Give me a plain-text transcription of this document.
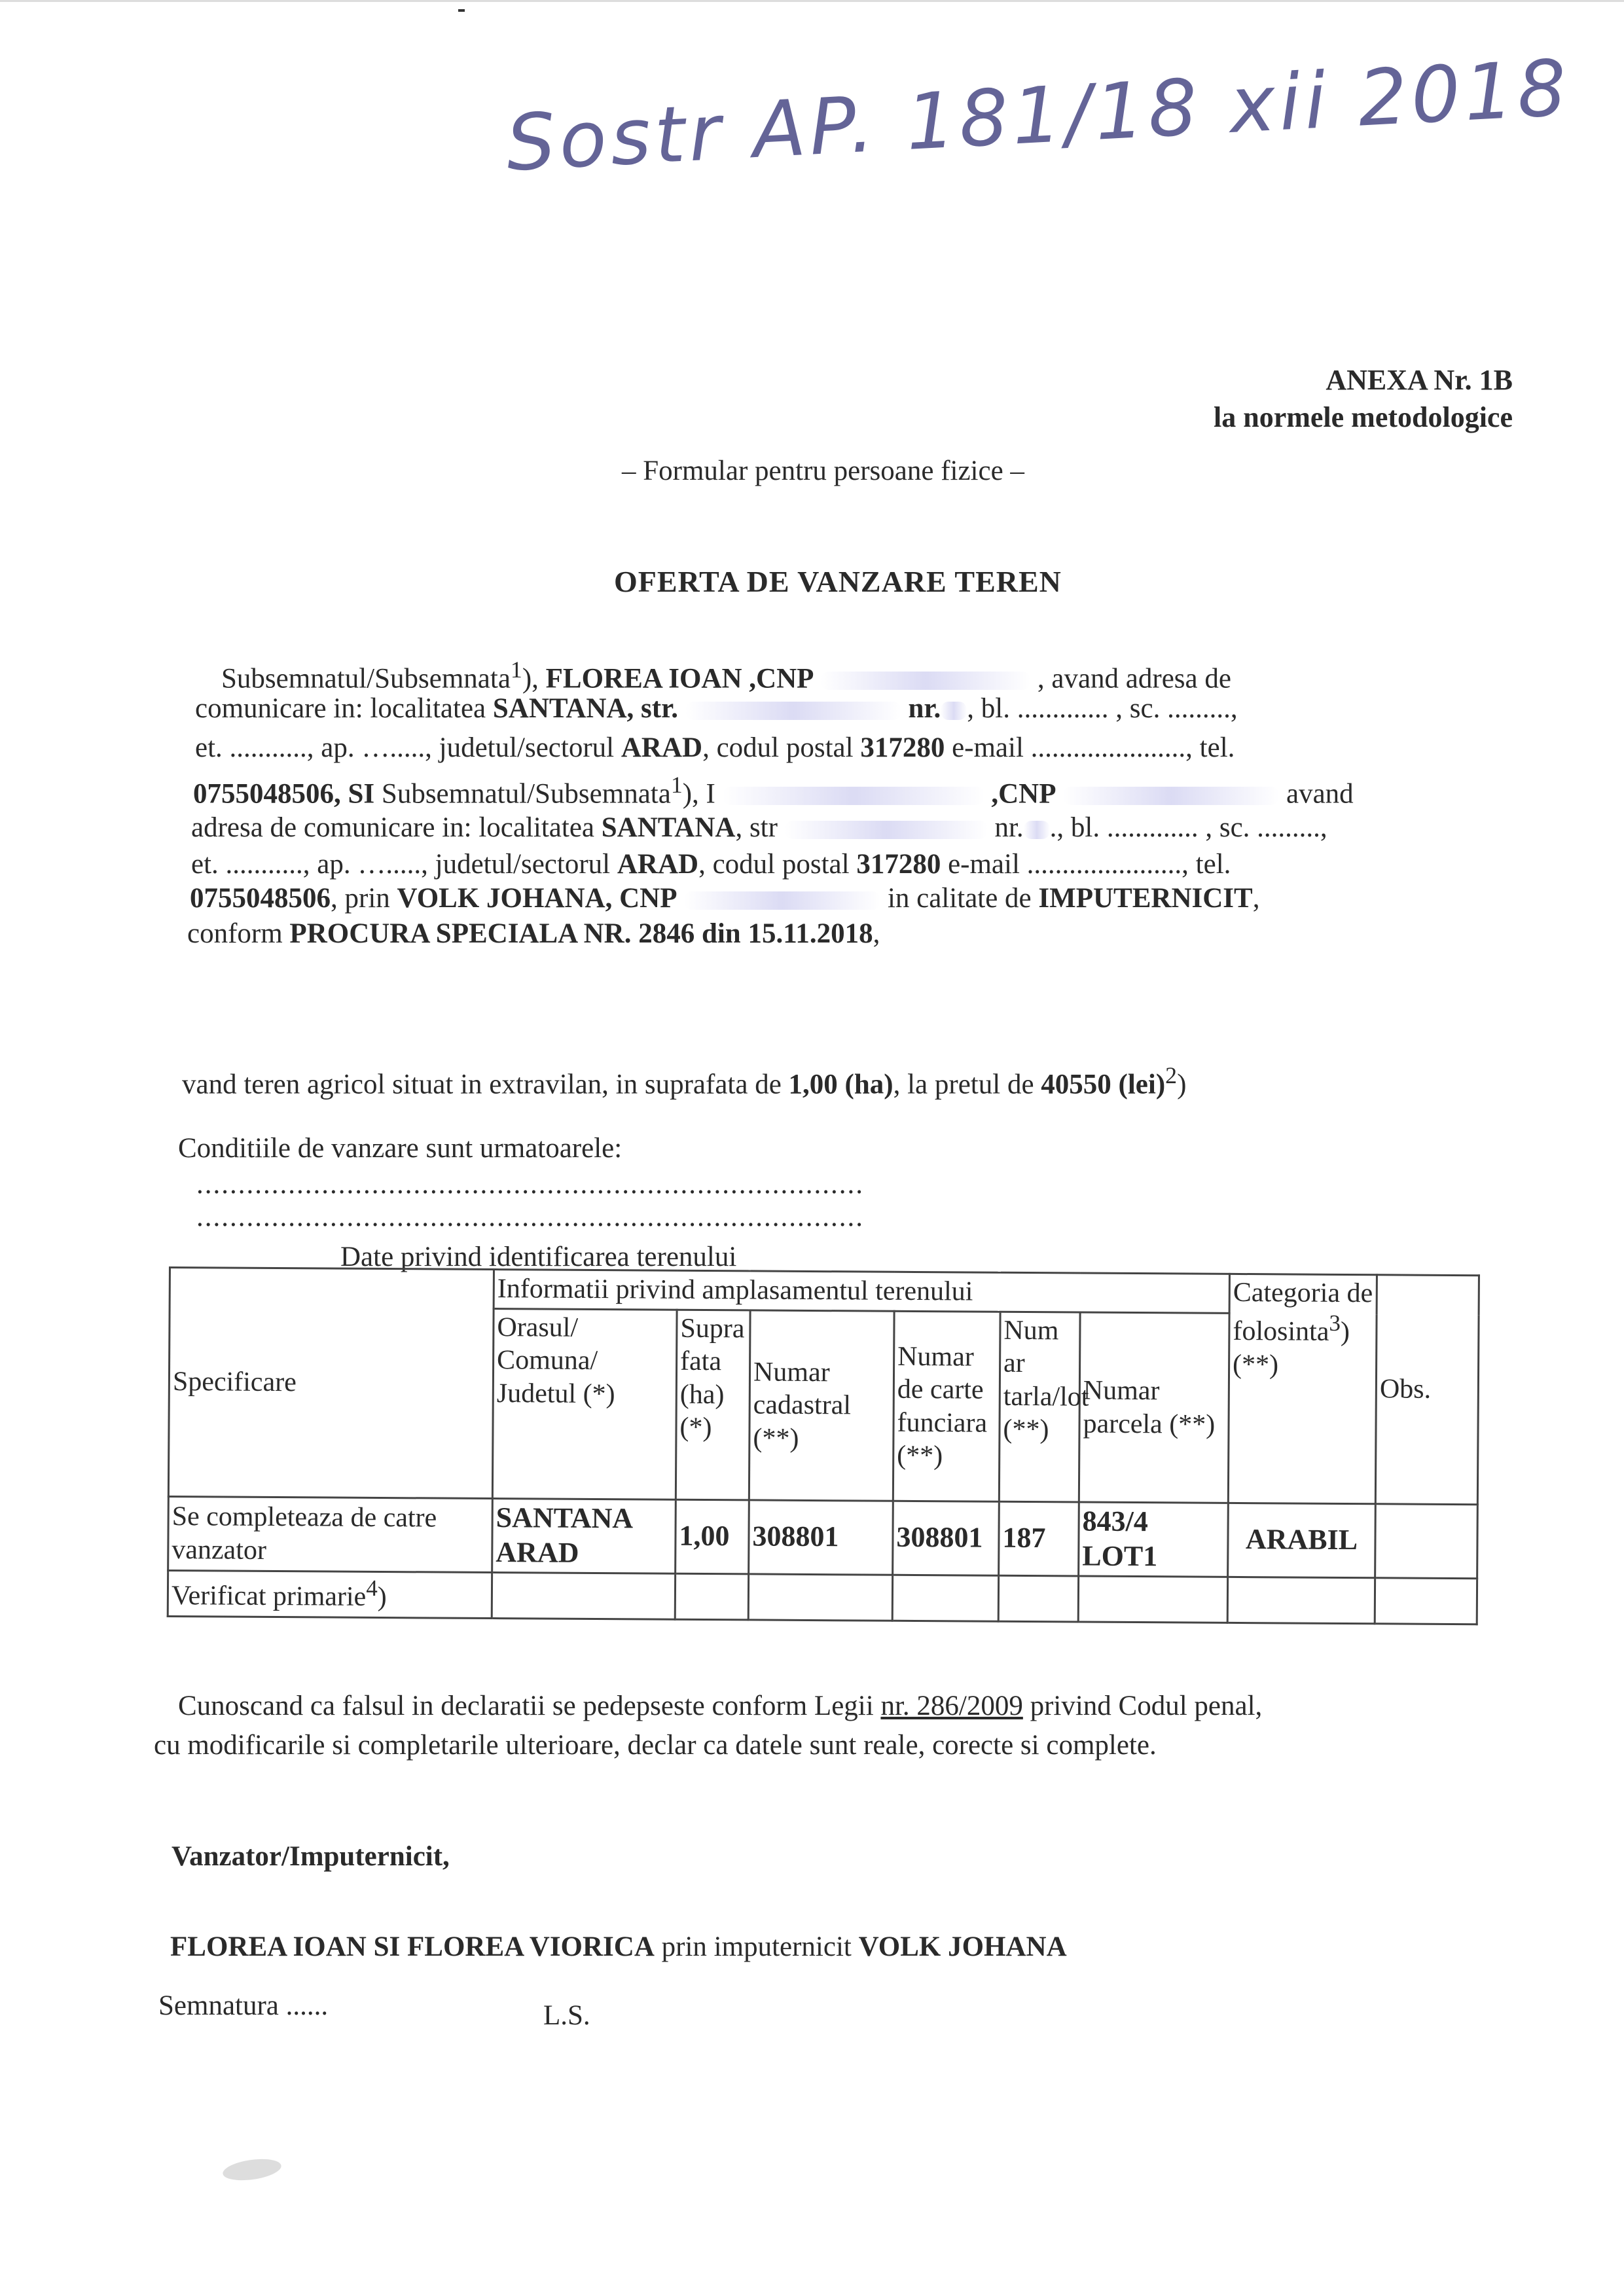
Sostr AP. 181/18 xii 2018
ANEXA Nr. 1B
la normele metodologice
– Formular pentru persoane fizice –
OFERTA DE VANZARE TEREN
Subsemnatul/Subsemnata$^1$), FLOREA IOAN ,CNP	, avand adresa de
comunicare in: localitatea SANTANA, str.	nr. , bl. ............. , sc. .........,
et. ..........., ap. …....., judetul/sectorul ARAD, codul postal 317280 e-mail ......................, tel.
0755048506, SI Subsemnatul/Subsemnata$^1$), I	,CNP	avand
adresa de comunicare in: localitatea SANTANA, str	nr. ., bl. ............. , sc. .........,
et. ..........., ap. …....., judetul/sectorul ARAD, codul postal 317280 e-mail ......................, tel.
0755048506, prin VOLK JOHANA, CNP	in calitate de IMPUTERNICIT,
conform PROCURA SPECIALA NR. 2846 din 15.11.2018,
vand teren agricol situat in extravilan, in suprafata de 1,00 (ha), la pretul de 40550 (lei)$^2$)
Conditiile de vanzare sunt urmatoarele:
................................................................................
................................................................................
Date privind identificarea terenului
Specificare	Informatii privind amplasamentul terenului						Categoria de folosinta$^3$) (**)	Obs.
	Orasul/ Comuna/ Judetul (*)	Supra fata (ha) (*)	Numar cadastral (**)	Numar de carte funciara (**)	Num ar tarla/lot (**)	Numar parcela (**)		
Se completeaza de catre vanzator	SANTANA ARAD	1,00	308801	308801	187	843/4 LOT1	ARABIL	
Verificat primarie$^4$)								
Cunoscand ca falsul in declaratii se pedepseste conform Legii nr. 286/2009 privind Codul penal,
cu modificarile si completarile ulterioare, declar ca datele sunt reale, corecte si complete.
Vanzator/Imputernicit,
FLOREA IOAN SI FLOREA VIORICA prin imputernicit VOLK JOHANA
Semnatura ......	L.S.
